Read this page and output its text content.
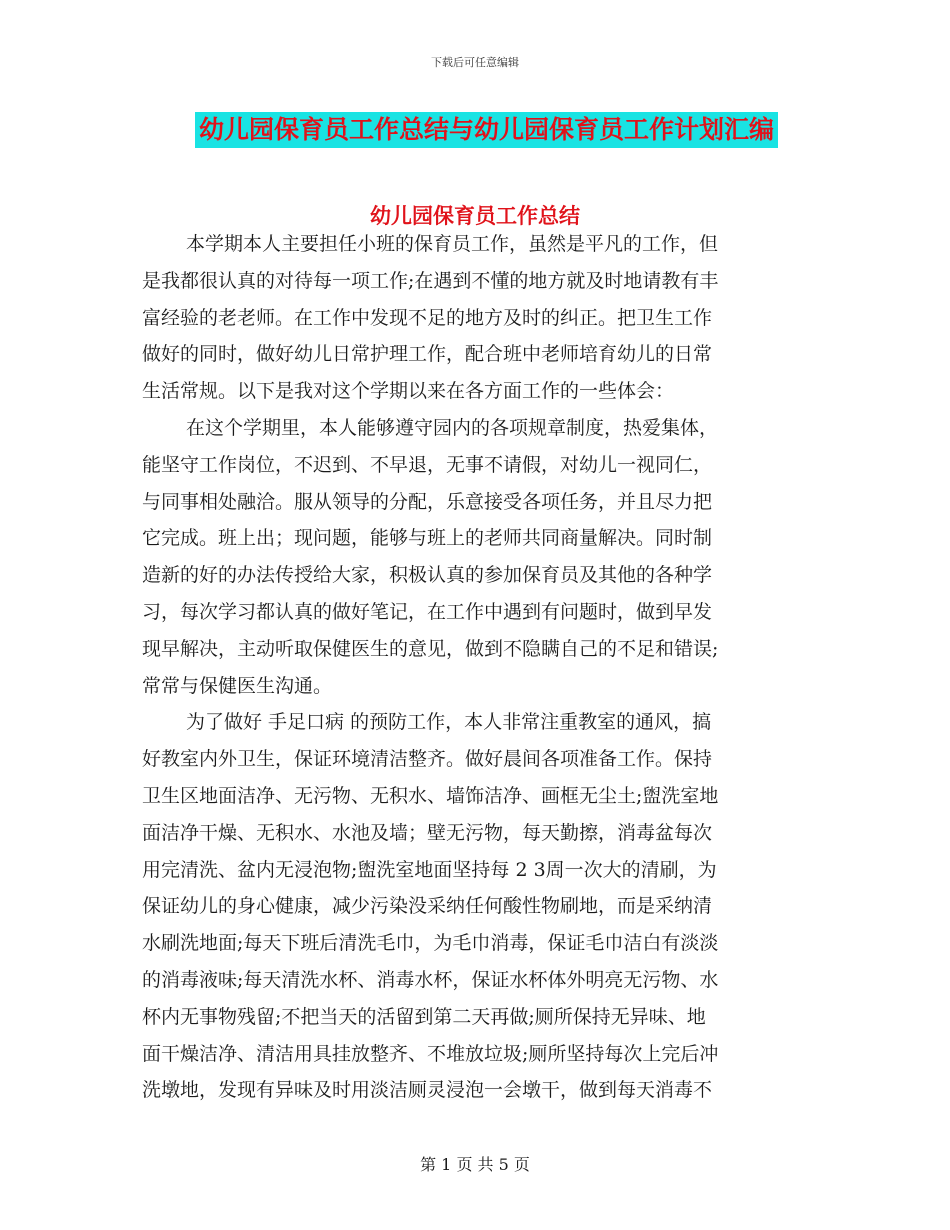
下载后可任意编辑
幼儿园保育员工作总结与幼儿园保育员工作计划汇编
幼儿园保育员工作总结
本学期本人主要担任小班的保育员工作，虽然是平凡的工作，但
是我都很认真的对待每一项工作;在遇到不懂的地方就及时地请教有丰
富经验的老老师。在工作中发现不足的地方及时的纠正。把卫生工作
做好的同时，做好幼儿日常护理工作，配合班中老师培育幼儿的日常
生活常规。以下是我对这个学期以来在各方面工作的一些体会：
在这个学期里，本人能够遵守园内的各项规章制度，热爱集体，
能坚守工作岗位，不迟到、不早退，无事不请假，对幼儿一视同仁，
与同事相处融洽。服从领导的分配，乐意接受各项任务，并且尽力把
它完成。班上出；现问题，能够与班上的老师共同商量解决。同时制
造新的好的办法传授给大家，积极认真的参加保育员及其他的各种学
习，每次学习都认真的做好笔记，在工作中遇到有问题时，做到早发
现早解决，主动听取保健医生的意见，做到不隐瞒自己的不足和错误;
常常与保健医生沟通。
为了做好 手足口病 的预防工作，本人非常注重教室的通风，搞
好教室内外卫生，保证环境清洁整齐。做好晨间各项准备工作。保持
卫生区地面洁净、无污物、无积水、墙饰洁净、画框无尘土;盥洗室地
面洁净干燥、无积水、水池及墙；壁无污物，每天勤擦，消毒盆每次
用完清洗、盆内无浸泡物;盥洗室地面坚持每 2 3周一次大的清刷，为
保证幼儿的身心健康，减少污染没采纳任何酸性物刷地，而是采纳清
水刷洗地面;每天下班后清洗毛巾，为毛巾消毒，保证毛巾洁白有淡淡
的消毒液味;每天清洗水杯、消毒水杯，保证水杯体外明亮无污物、水
杯内无事物残留;不把当天的活留到第二天再做;厕所保持无异味、地
面干燥洁净、清洁用具挂放整齐、不堆放垃圾;厕所坚持每次上完后冲
洗墩地，发现有异味及时用淡洁厕灵浸泡一会墩干，做到每天消毒不
第 1 页 共 5 页
